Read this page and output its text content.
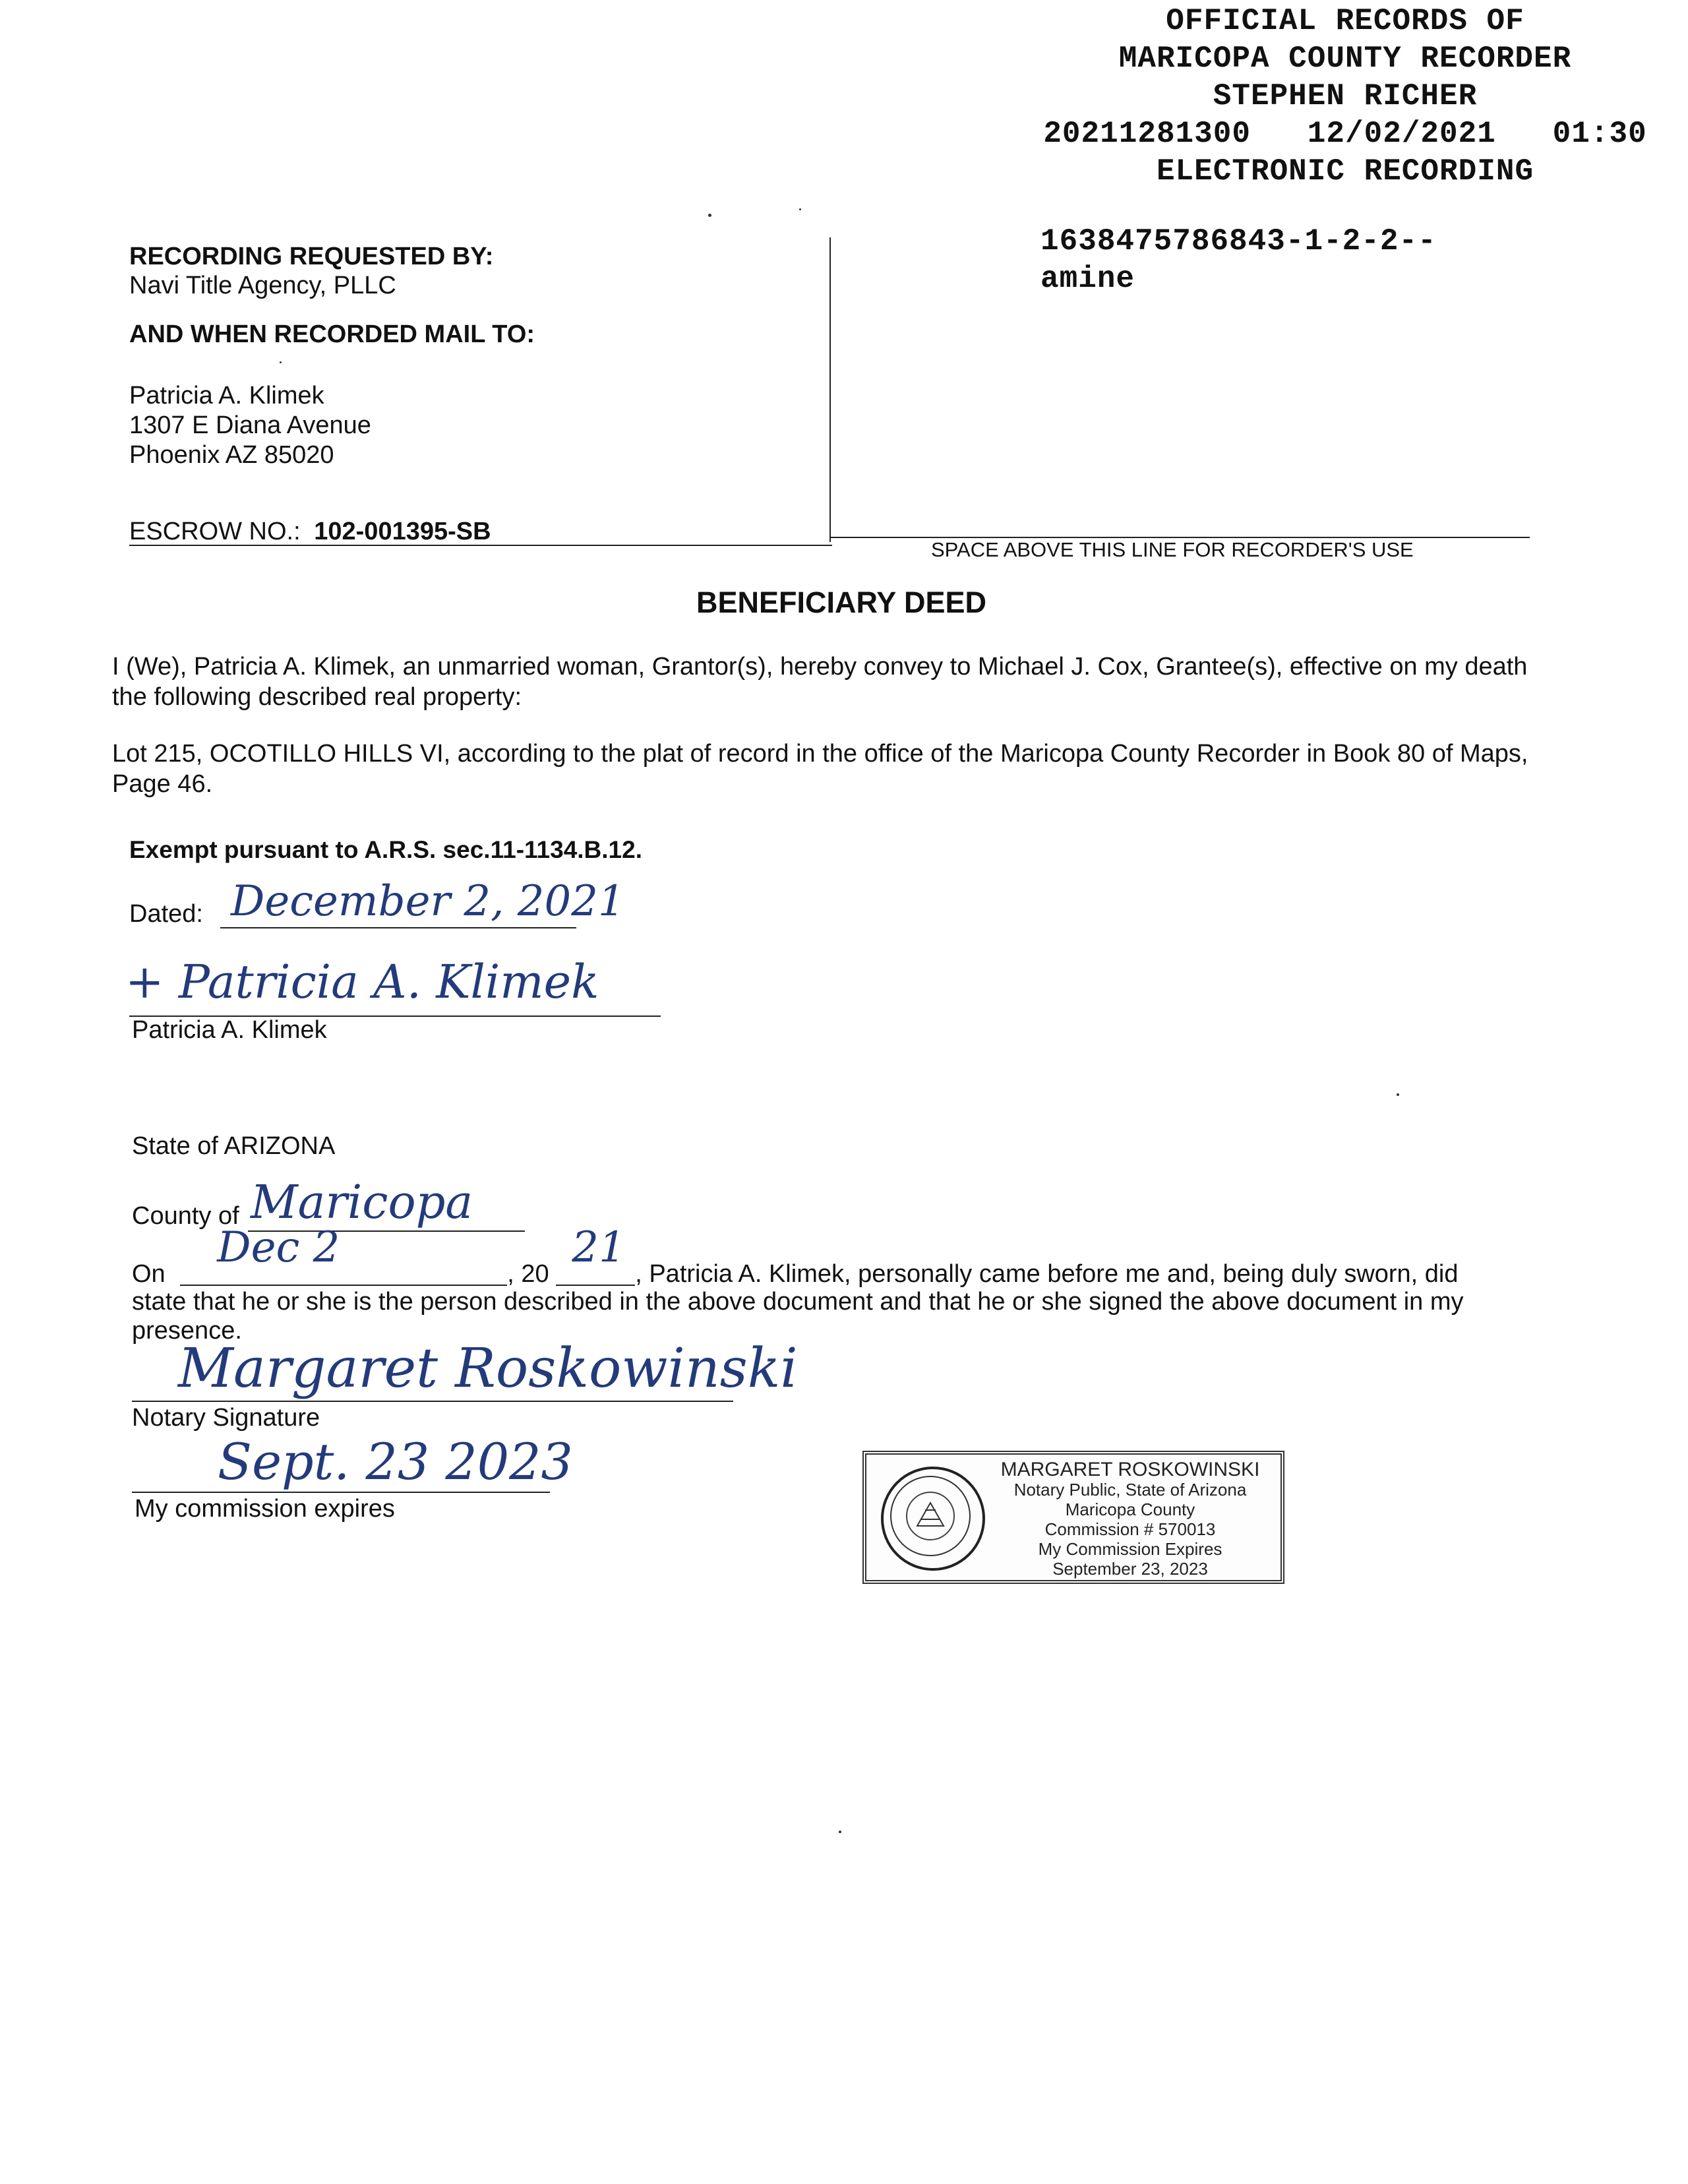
OFFICIAL RECORDS OF
MARICOPA COUNTY RECORDER
STEPHEN RICHER
20211281300   12/02/2021   01:30
ELECTRONIC RECORDING
1638475786843-1-2-2--
amine
RECORDING REQUESTED BY:
Navi Title Agency, PLLC
AND WHEN RECORDED MAIL TO:
Patricia A. Klimek
1307 E Diana Avenue
Phoenix AZ 85020
ESCROW NO.: 102-001395-SB
SPACE ABOVE THIS LINE FOR RECORDER'S USE
BENEFICIARY DEED
I (We), Patricia A. Klimek, an unmarried woman, Grantor(s), hereby convey to Michael J. Cox, Grantee(s), effective on my death the following described real property:
Lot 215, OCOTILLO HILLS VI, according to the plat of record in the office of the Maricopa County Recorder in Book 80 of Maps, Page 46.
Exempt pursuant to A.R.S. sec.11-1134.B.12.
Dated: December 2, 2021
+ Patricia A. Klimek
Patricia A. Klimek
State of ARIZONA
County of Maricopa
On
Dec 2
, 20
21
, Patricia A. Klimek, personally came before me and, being duly sworn, did
state that he or she is the person described in the above document and that he or she signed the above document in my presence.
Margaret Roskowinski
Notary Signature
Sept. 23 2023
My commission expires
MARGARET ROSKOWINSKI
Notary Public, State of Arizona
Maricopa County
Commission # 570013
My Commission Expires
September 23, 2023
